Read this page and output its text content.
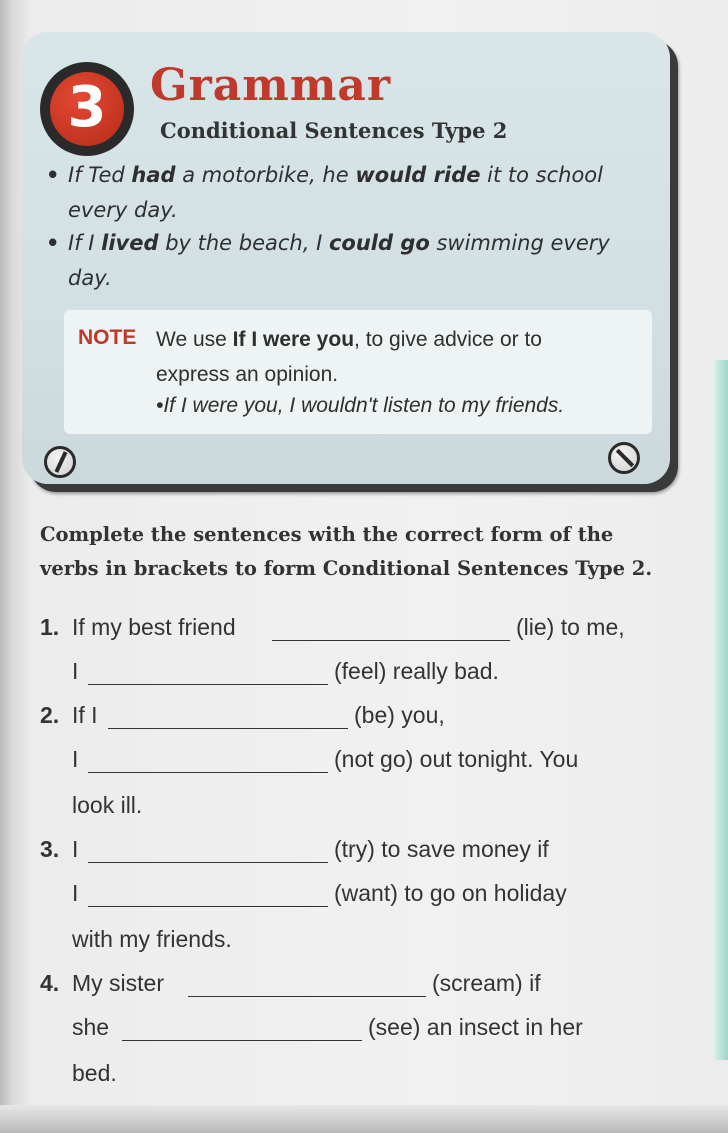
3 Grammar
Conditional Sentences Type 2
• If Ted had a motorbike, he would ride it to school
every day.
• If I lived by the beach, I could go swimming every
day.
NOTE We use If I were you, to give advice or to
express an opinion.
•If I were you, I wouldn't listen to my friends.
Complete the sentences with the correct form of the
verbs in brackets to form Conditional Sentences Type 2.
1. If my best friend	(lie) to me,
I	(feel) really bad.
2. If I	(be) you,
I	(not go) out tonight. You
look ill.
3. I	(try) to save money if
I	(want) to go on holiday
with my friends.
4. My sister	(scream) if
she	(see) an insect in her
bed.
